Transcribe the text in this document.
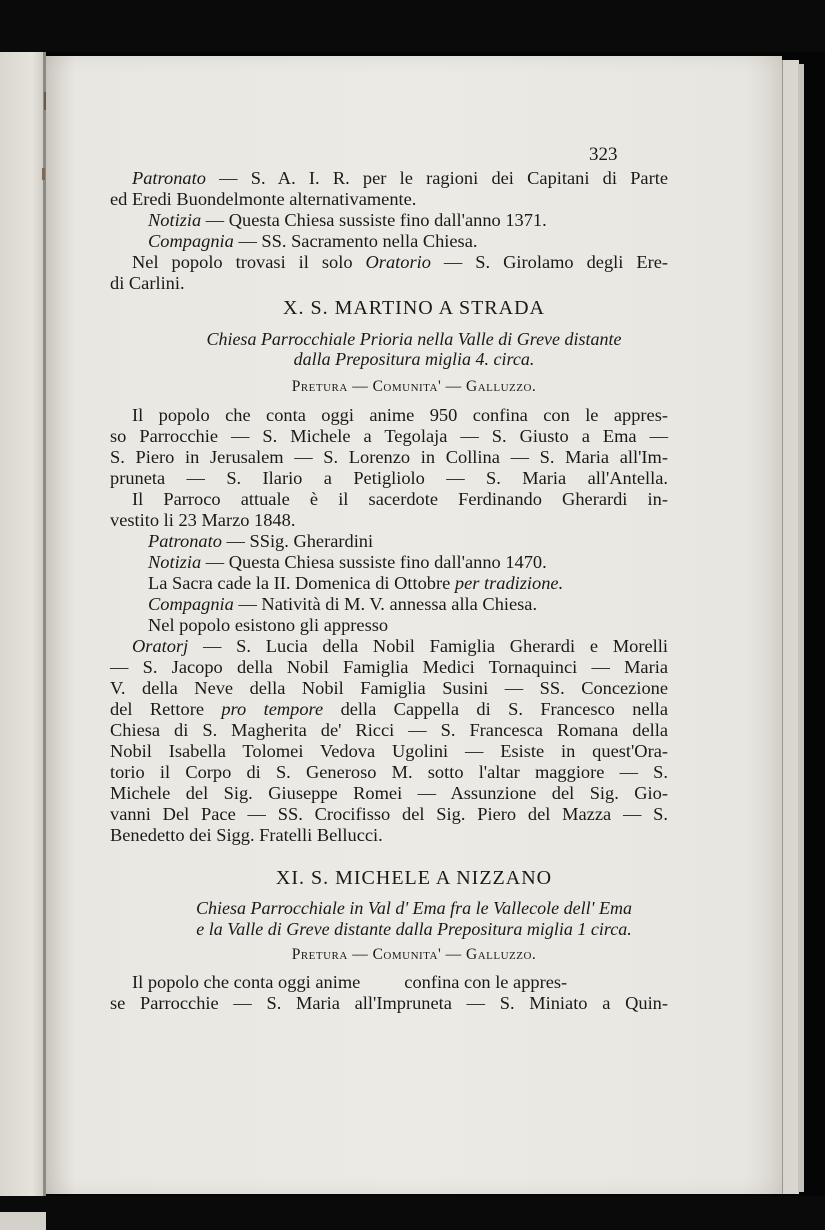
323
Patronato — S. A. I. R. per le ragioni dei Capitani di Parte
ed Eredi Buondelmonte alternativamente.
Notizia — Questa Chiesa sussiste fino dall'anno 1371.
Compagnia — SS. Sacramento nella Chiesa.
Nel popolo trovasi il solo Oratorio — S. Girolamo degli Ere-
di Carlini.
X. S. MARTINO A STRADA
Chiesa Parrocchiale Prioria nella Valle di Greve distante
dalla Prepositura miglia 4. circa.
Pretura — Comunita' — Galluzzo.
Il popolo che conta oggi anime 950 confina con le appres-
so Parrocchie — S. Michele a Tegolaja — S. Giusto a Ema —
S. Piero in Jerusalem — S. Lorenzo in Collina — S. Maria all'Im-
pruneta — S. Ilario a Petigliolo — S. Maria all'Antella.
Il Parroco attuale è il sacerdote Ferdinando Gherardi in-
vestito li 23 Marzo 1848.
Patronato — SSig. Gherardini
Notizia — Questa Chiesa sussiste fino dall'anno 1470.
La Sacra cade la II. Domenica di Ottobre per tradizione.
Compagnia — Natività di M. V. annessa alla Chiesa.
Nel popolo esistono gli appresso
Oratorj — S. Lucia della Nobil Famiglia Gherardi e Morelli
— S. Jacopo della Nobil Famiglia Medici Tornaquinci — Maria
V. della Neve della Nobil Famiglia Susini — SS. Concezione
del Rettore pro tempore della Cappella di S. Francesco nella
Chiesa di S. Magherita de' Ricci — S. Francesca Romana della
Nobil Isabella Tolomei Vedova Ugolini — Esiste in quest'Ora-
torio il Corpo di S. Generoso M. sotto l'altar maggiore — S.
Michele del Sig. Giuseppe Romei — Assunzione del Sig. Gio-
vanni Del Pace — SS. Crocifisso del Sig. Piero del Mazza — S.
Benedetto dei Sigg. Fratelli Bellucci.
XI. S. MICHELE A NIZZANO
Chiesa Parrocchiale in Val d' Ema fra le Vallecole dell' Ema
e la Valle di Greve distante dalla Prepositura miglia 1 circa.
Pretura — Comunita' — Galluzzo.
Il popolo che conta oggi anime confina con le appres-
se Parrocchie — S. Maria all'Impruneta — S. Miniato a Quin-
